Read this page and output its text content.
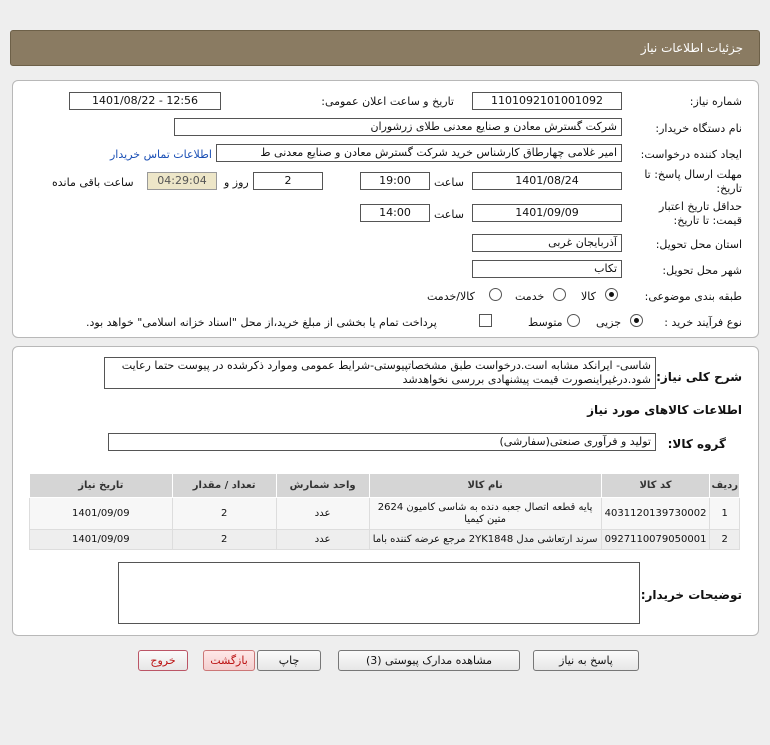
جزئیات اطلاعات نیاز
شماره نیاز:
1101092101001092
تاریخ و ساعت اعلان عمومی:
1401/08/22 - 12:56
نام دستگاه خریدار:
شرکت گسترش معادن و صنایع معدنی طلای زرشوران
ایجاد کننده درخواست:
امیر غلامی چهارطاق کارشناس خرید شرکت گسترش معادن و صنایع معدنی ط
اطلاعات تماس خریدار
مهلت ارسال پاسخ: تا
تاریخ:
1401/08/24
ساعت
19:00
2
روز و
04:29:04
ساعت باقی مانده
حداقل تاریخ اعتبار
قیمت: تا تاریخ:
1401/09/09
ساعت
14:00
استان محل تحویل:
آذربایجان غربی
شهر محل تحویل:
تکاب
طبقه بندی موضوعی:
کالا
خدمت
کالا/خدمت
نوع فرآیند خرید :
جزیی
متوسط
پرداخت تمام یا بخشی از مبلغ خرید،از محل "اسناد خزانه اسلامی" خواهد بود.
شرح کلی نیاز:
شاسی- ایرانکد مشابه است.درخواست طبق مشخصاتپیوستی-شرایط عمومی وموارد ذکرشده در پیوست حتما رعایت شود.درغیراینصورت قیمت پیشنهادی بررسی نخواهدشد
اطلاعات کالاهای مورد نیاز
گروه کالا:
تولید و فرآوری صنعتی(سفارشی)
ردیف	کد کالا	نام کالا	واحد شمارش	تعداد / مقدار	تاریخ نیاز
1	4031120139730002	پایه قطعه اتصال جعبه دنده به شاسی کامیون 2624 متین کیمیا	عدد	2	1401/09/09
2	0927110079050001	سرند ارتعاشی مدل 2YK1848 مرجع عرضه کننده باما	عدد	2	1401/09/09
توضیحات خریدار:
پاسخ به نیاز
مشاهده مدارک پیوستی (3)
چاپ
بازگشت
خروج
